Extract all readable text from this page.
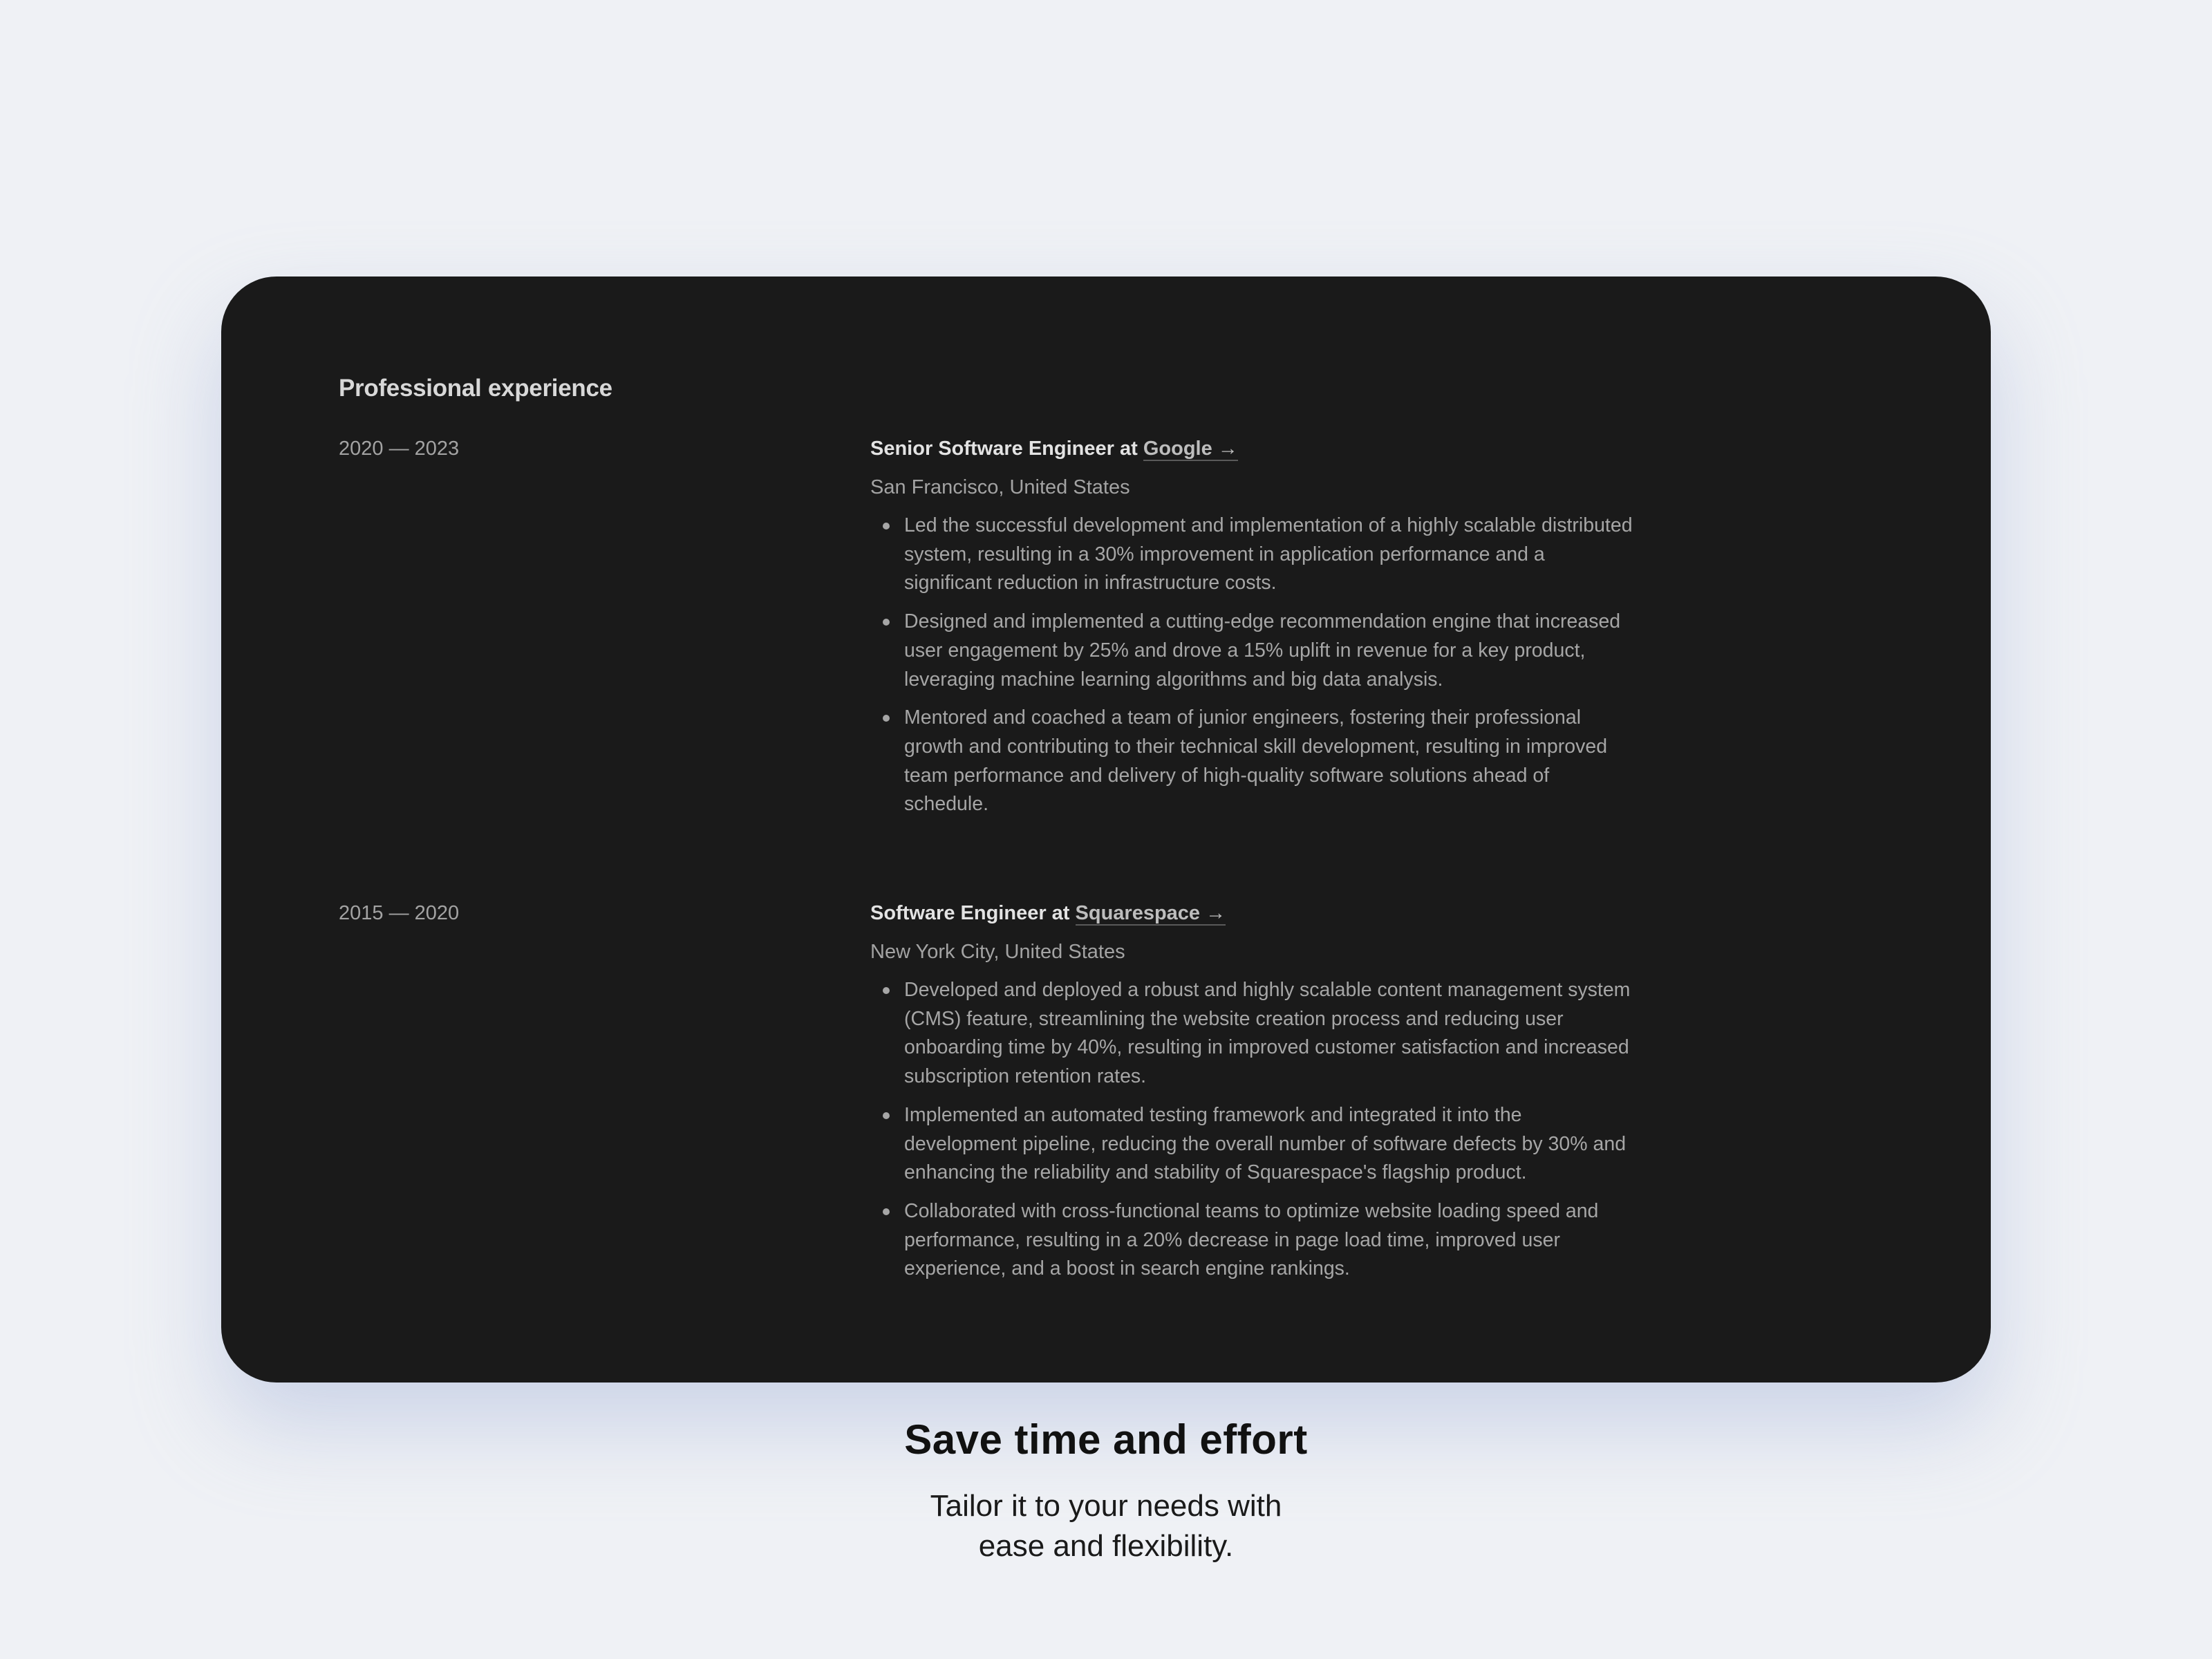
Professional experience
2020 — 2023	Senior Software Engineer at Google →

San Francisco, United States
Led the successful development and implementation of a highly scalable distributed system, resulting in a 30% improvement in application performance and a significant reduction in infrastructure costs.
Designed and implemented a cutting-edge recommendation engine that increased user engagement by 25% and drove a 15% uplift in revenue for a key product, leveraging machine learning algorithms and big data analysis.
Mentored and coached a team of junior engineers, fostering their professional growth and contributing to their technical skill development, resulting in improved team performance and delivery of high-quality software solutions ahead of schedule.
2015 — 2020	Software Engineer at Squarespace →

New York City, United States
Developed and deployed a robust and highly scalable content management system (CMS) feature, streamlining the website creation process and reducing user onboarding time by 40%, resulting in improved customer satisfaction and increased subscription retention rates.
Implemented an automated testing framework and integrated it into the development pipeline, reducing the overall number of software defects by 30% and enhancing the reliability and stability of Squarespace's flagship product.
Collaborated with cross-functional teams to optimize website loading speed and performance, resulting in a 20% decrease in page load time, improved user experience, and a boost in search engine rankings.
Save time and effort

Tailor it to your needs with
ease and flexibility.
